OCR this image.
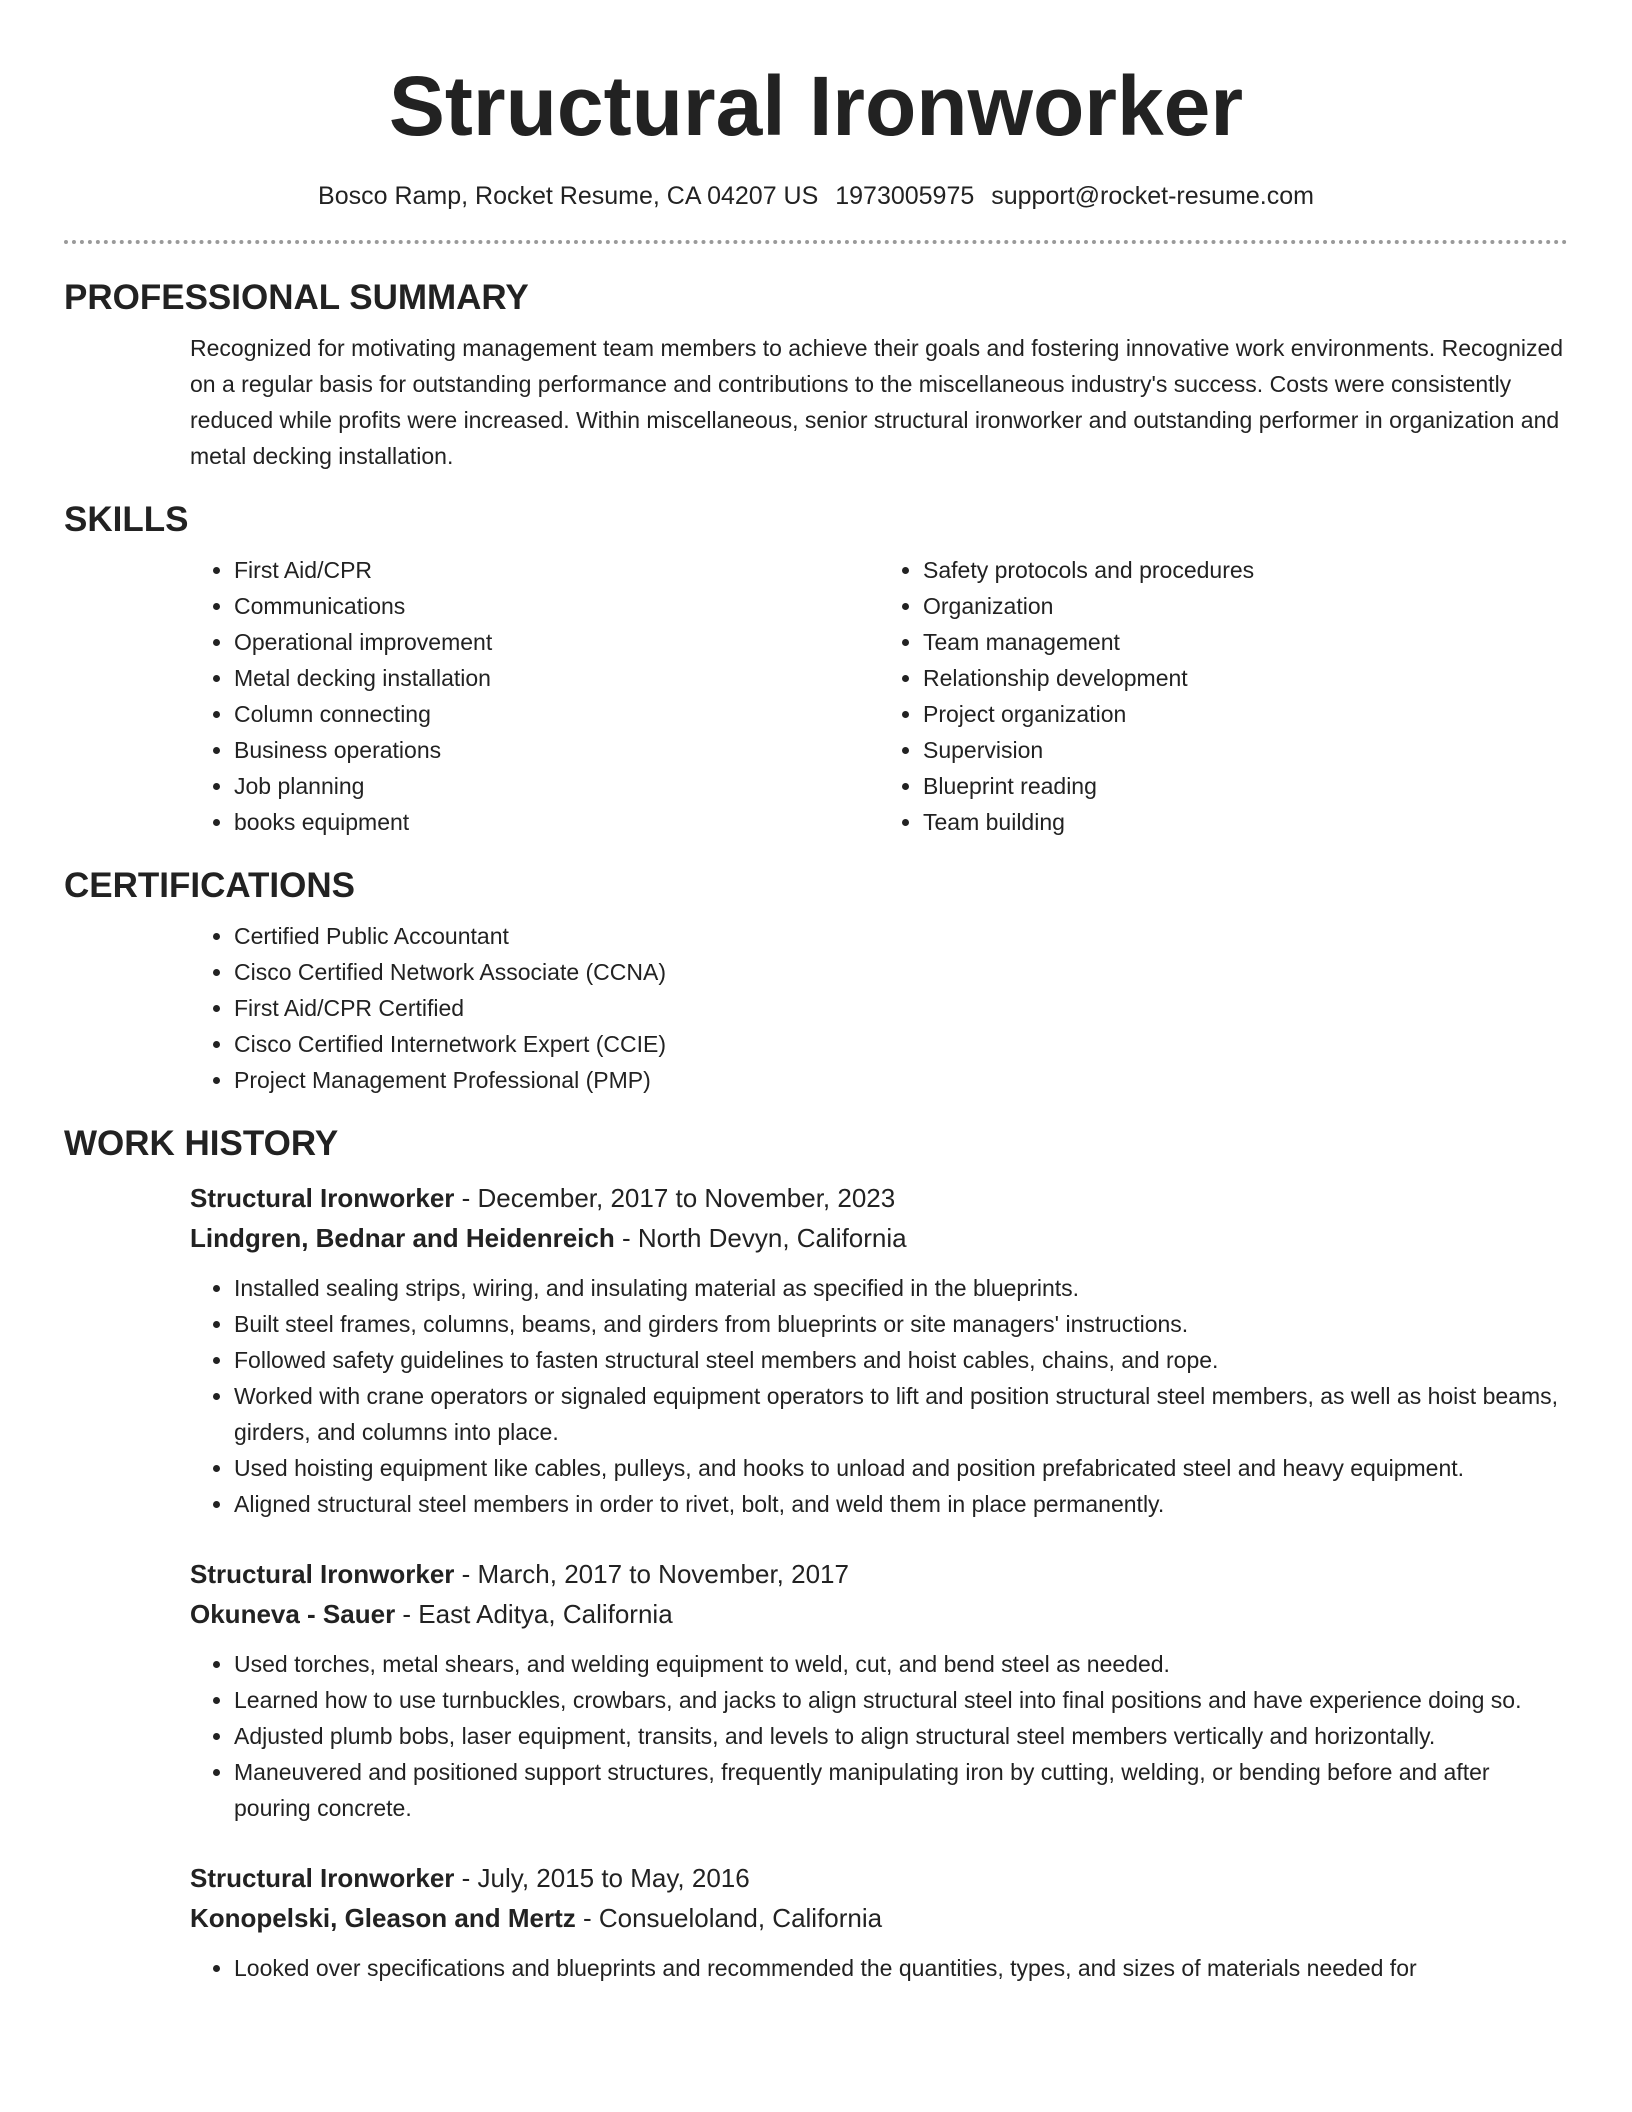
Structural Ironworker
Bosco Ramp, Rocket Resume, CA 04207 US 1973005975 support@rocket-resume.com
PROFESSIONAL SUMMARY

Recognized for motivating management team members to achieve their goals and fostering innovative work environments. Recognized on a regular basis for outstanding performance and contributions to the miscellaneous industry's success. Costs were consistently reduced while profits were increased. Within miscellaneous, senior structural ironworker and outstanding performer in organization and metal decking installation.

SKILLS
• First Aid/CPR
• Communications
• Operational improvement
• Metal decking installation
• Column connecting
• Business operations
• Job planning
• books equipment
• Safety protocols and procedures
• Organization
• Team management
• Relationship development
• Project organization
• Supervision
• Blueprint reading
• Team building
CERTIFICATIONS
• Certified Public Accountant
• Cisco Certified Network Associate (CCNA)
• First Aid/CPR Certified
• Cisco Certified Internetwork Expert (CCIE)
• Project Management Professional (PMP)
WORK HISTORY
Structural Ironworker - December, 2017 to November, 2023
Lindgren, Bednar and Heidenreich - North Devyn, California
• Installed sealing strips, wiring, and insulating material as specified in the blueprints.
• Built steel frames, columns, beams, and girders from blueprints or site managers' instructions.
• Followed safety guidelines to fasten structural steel members and hoist cables, chains, and rope.
• Worked with crane operators or signaled equipment operators to lift and position structural steel members, as well as hoist beams, girders, and columns into place.
• Used hoisting equipment like cables, pulleys, and hooks to unload and position prefabricated steel and heavy equipment.
• Aligned structural steel members in order to rivet, bolt, and weld them in place permanently.
Structural Ironworker - March, 2017 to November, 2017
Okuneva - Sauer - East Aditya, California
• Used torches, metal shears, and welding equipment to weld, cut, and bend steel as needed.
• Learned how to use turnbuckles, crowbars, and jacks to align structural steel into final positions and have experience doing so.
• Adjusted plumb bobs, laser equipment, transits, and levels to align structural steel members vertically and horizontally.
• Maneuvered and positioned support structures, frequently manipulating iron by cutting, welding, or bending before and after pouring concrete.
Structural Ironworker - July, 2015 to May, 2016
Konopelski, Gleason and Mertz - Consueloland, California
• Looked over specifications and blueprints and recommended the quantities, types, and sizes of materials needed for
